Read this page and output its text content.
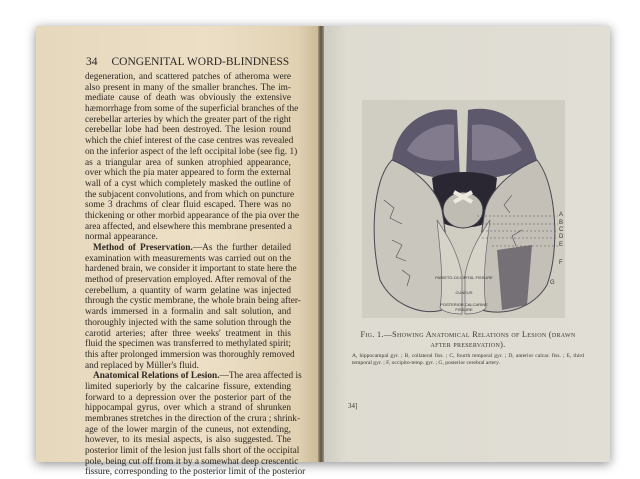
34 CONGENITAL WORD-BLINDNESS
degeneration, and scattered patches of atheroma were
also present in many of the smaller branches. The im-
mediate cause of death was obviously the extensive
hæmorrhage from some of the superficial branches of the
cerebellar arteries by which the greater part of the right
cerebellar lobe had been destroyed. The lesion round
which the chief interest of the case centres was revealed
on the inferior aspect of the left occipital lobe (see fig. 1)
as a triangular area of sunken atrophied appearance,
over which the pia mater appeared to form the external
wall of a cyst which completely masked the outline of
the subjacent convolutions, and from which on puncture
some 3 drachms of clear fluid escaped. There was no
thickening or other morbid appearance of the pia over the
area affected, and elsewhere this membrane presented a
normal appearance.
Method of Preservation.—As the further detailed
examination with measurements was carried out on the
hardened brain, we consider it important to state here the
method of preservation employed. After removal of the
cerebellum, a quantity of warm gelatine was injected
through the cystic membrane, the whole brain being after-
wards immersed in a formalin and salt solution, and
thoroughly injected with the same solution through the
carotid arteries; after three weeks' treatment in this
fluid the specimen was transferred to methylated spirit;
this after prolonged immersion was thoroughly removed
and replaced by Müller's fluid.
Anatomical Relations of Lesion.—The area affected is
limited superiorly by the calcarine fissure, extending
forward to a depression over the posterior part of the
hippocampal gyrus, over which a strand of shrunken
membranes stretches in the direction of the crura ; shrink-
age of the lower margin of the cuneus, not extending,
however, to its mesial aspects, is also suggested. The
posterior limit of the lesion just falls short of the occipital
pole, being cut off from it by a somewhat deep crescentic
fissure, corresponding to the posterior limit of the posterior
A
B
C
D
E
F
G
PARIETO-OCCIPITAL FISSURE
CUNEUS
POSTERIOR CALCARINE FISSURE
Fig. 1.—Showing Anatomical Relations of Lesion (drawn after preservation).
A, hippocampal gyr. ; B, collateral fiss. ; C, fourth temporal gyr. ; D, anterior calcar. fiss. ; E, third temporal gyr. ; F, occipito-temp. gyr. ; G, posterior cerebral artery.
34]
